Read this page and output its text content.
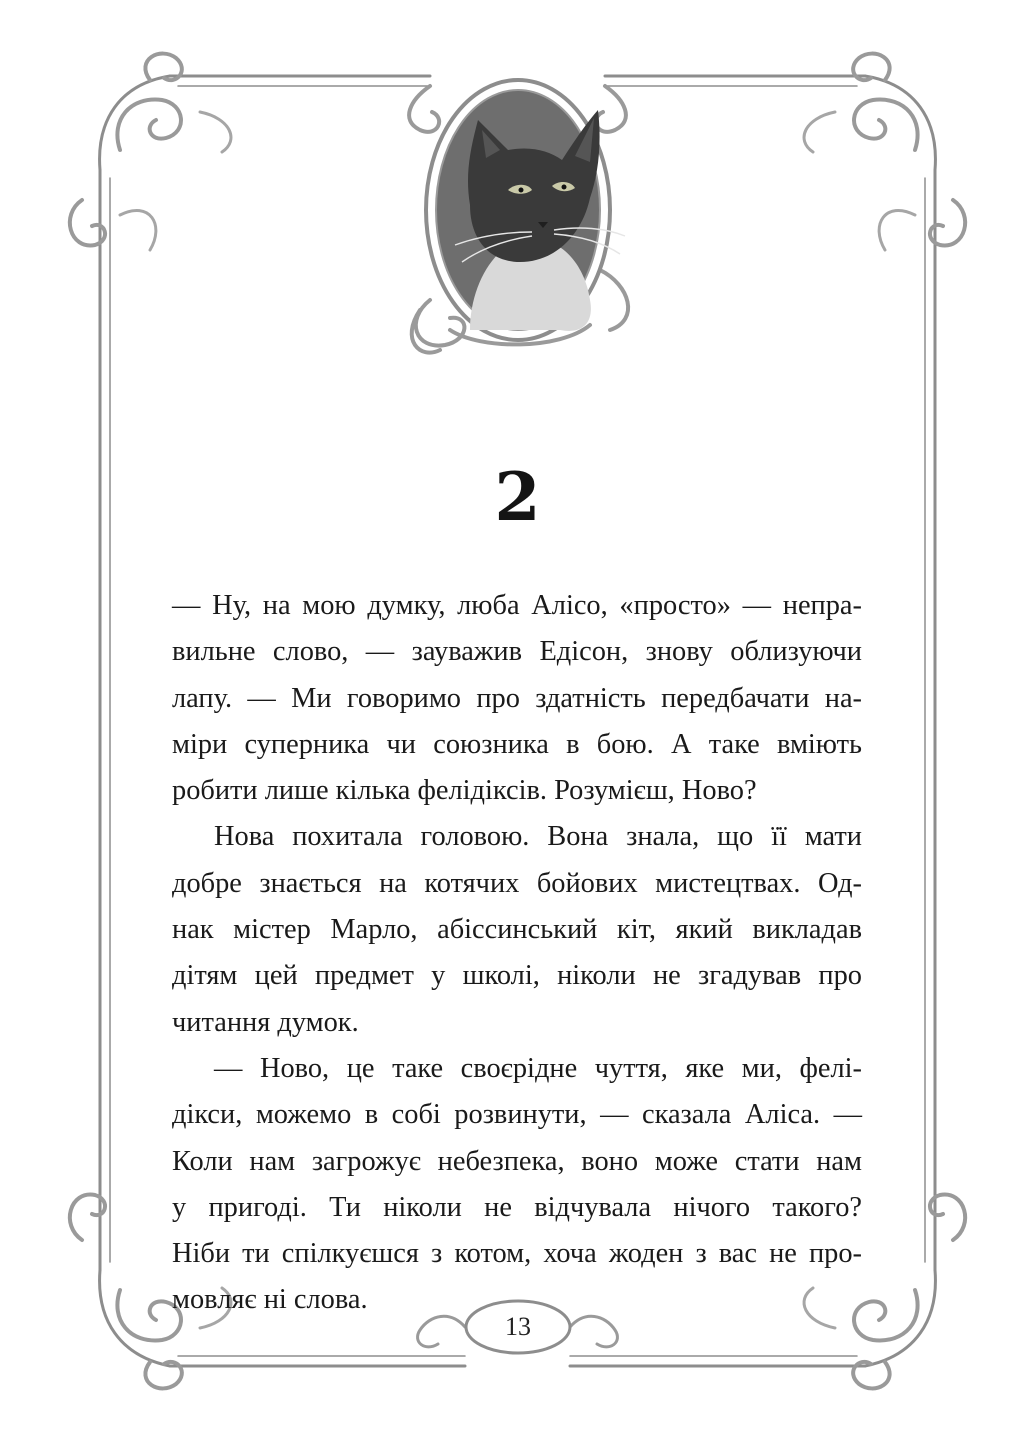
2
— Ну, на мою думку, люба Алісо, «просто» — непра-
вильне слово, — зауважив Едісон, знову облизуючи
лапу. — Ми говоримо про здатність передбачати на-
міри суперника чи союзника в бою. А таке вміють
робити лише кілька фелідіксів. Розумієш, Ново?
Нова похитала головою. Вона знала, що її мати
добре знається на котячих бойових мистецтвах. Од-
нак містер Марло, абіссинський кіт, який викладав
дітям цей предмет у школі, ніколи не згадував про
читання думок.
— Ново, це таке своєрідне чуття, яке ми, фелі-
дікси, можемо в собі розвинути, — сказала Аліса. —
Коли нам загрожує небезпека, воно може стати нам
у пригоді. Ти ніколи не відчувала нічого такого?
Ніби ти спілкуєшся з котом, хоча жоден з вас не про-
мовляє ні слова.
13
